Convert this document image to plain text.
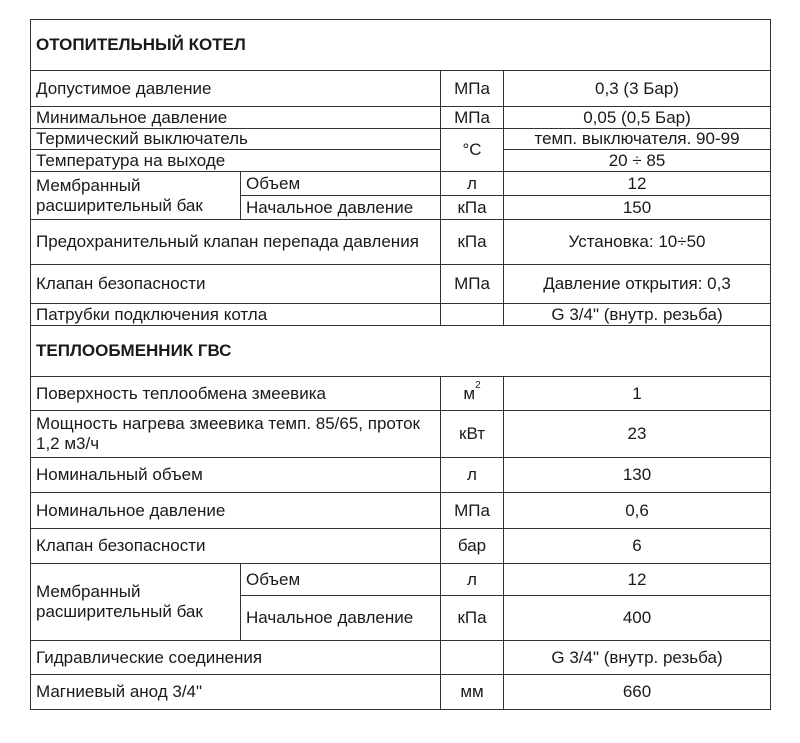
ОТОПИТЕЛЬНЫЙ КОТЕЛ			
Допустимое давление		МПа	0,3 (3 Бар)
Минимальное давление		МПа	0,05 (0,5 Бар)
Термический выключатель		°С	темп. выключателя. 90-99
Температура на выходе			20 ÷ 85
Мембранный расширительный бак	Объем	л	12
	Начальное давление	кПа	150
Предохранительный клапан перепада давления		кПа	Установка: 10÷50
Клапан безопасности		МПа	Давление открытия: 0,3
Патрубки подключения котла			G 3/4" (внутр. резьба)
ТЕПЛООБМЕННИК ГВС			
Поверхность теплообмена змеевика		$м^2$	1
Мощность нагрева змеевика темп. 85/65, проток 1,2 м3/ч		кВт	23
Номинальный объем		л	130
Номинальное давление		МПа	0,6
Клапан безопасности		бар	6
Мембранный расширительный бак	Объем	л	12
	Начальное давление	кПа	400
Гидравлические соединения			G 3/4" (внутр. резьба)
Магниевый анод 3/4"		мм	660
